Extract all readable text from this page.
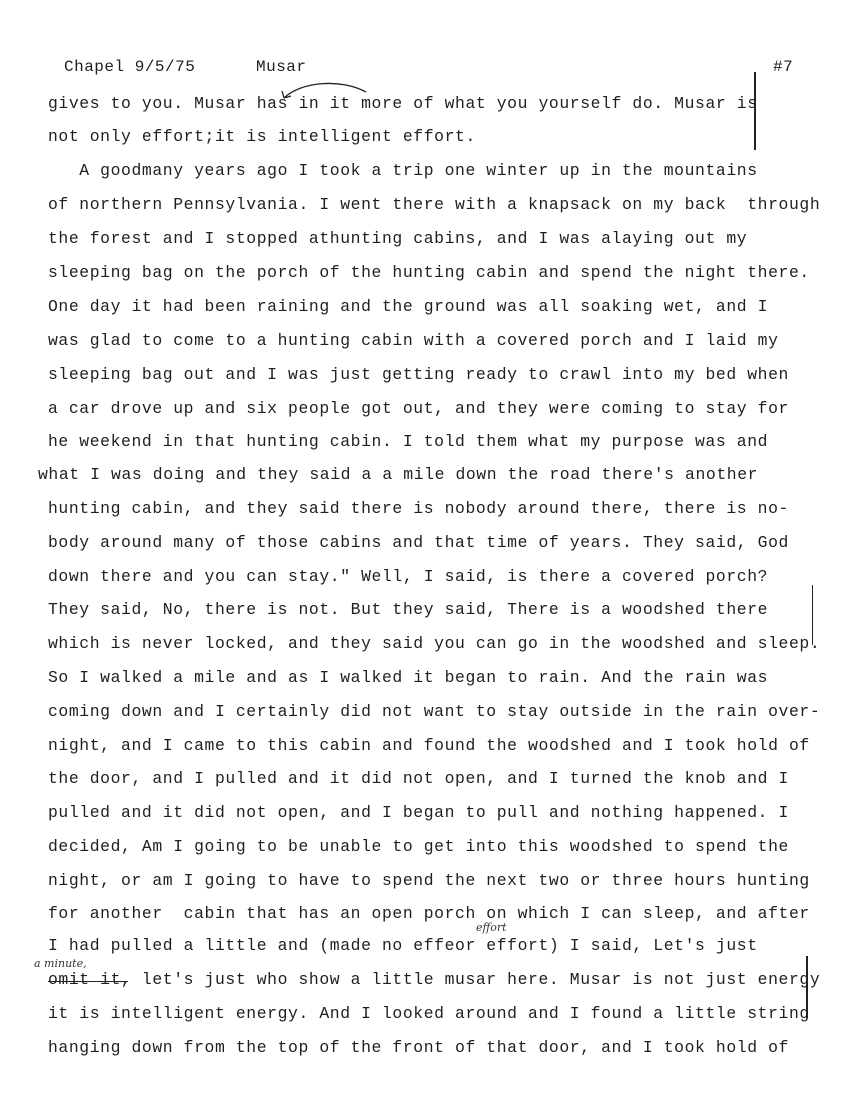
Chapel 9/5/75	Musar	#7
gives to you. Musar has in it more of what you yourself do. Musar is
not only effort;it is intelligent effort.
A goodmany years ago I took a trip one winter up in the mountains
of northern Pennsylvania. I went there with a knapsack on my back  through
the forest and I stopped athunting cabins, and I was alaying out my
sleeping bag on the porch of the hunting cabin and spend the night there.
One day it had been raining and the ground was all soaking wet, and I
was glad to come to a hunting cabin with a covered porch and I laid my
sleeping bag out and I was just getting ready to crawl into my bed when
a car drove up and six people got out, and they were coming to stay for
he weekend in that hunting cabin. I told them what my purpose was and
what I was doing and they said a a mile down the road there's another
hunting cabin, and they said there is nobody around there, there is no-
body around many of those cabins and that time of years. They said, God
down there and you can stay." Well, I said, is there a covered porch?
They said, No, there is not. But they said, There is a woodshed there
which is never locked, and they said you can go in the woodshed and sleep.
So I walked a mile and as I walked it began to rain. And the rain was
coming down and I certainly did not want to stay outside in the rain over-
night, and I came to this cabin and found the woodshed and I took hold of
the door, and I pulled and it did not open, and I turned the knob and I
pulled and it did not open, and I began to pull and nothing happened. I
decided, Am I going to be unable to get into this woodshed to spend the
night, or am I going to have to spend the next two or three hours hunting
for another  cabin that has an open porch on which I can sleep, and after
I had pulled a little and (made no effeor effort) I said, Let's just
omit it, let's just who show a little musar here. Musar is not just energy
it is intelligent energy. And I looked around and I found a little string
hanging down from the top of the front of that door, and I took hold of
a minute,
effort
